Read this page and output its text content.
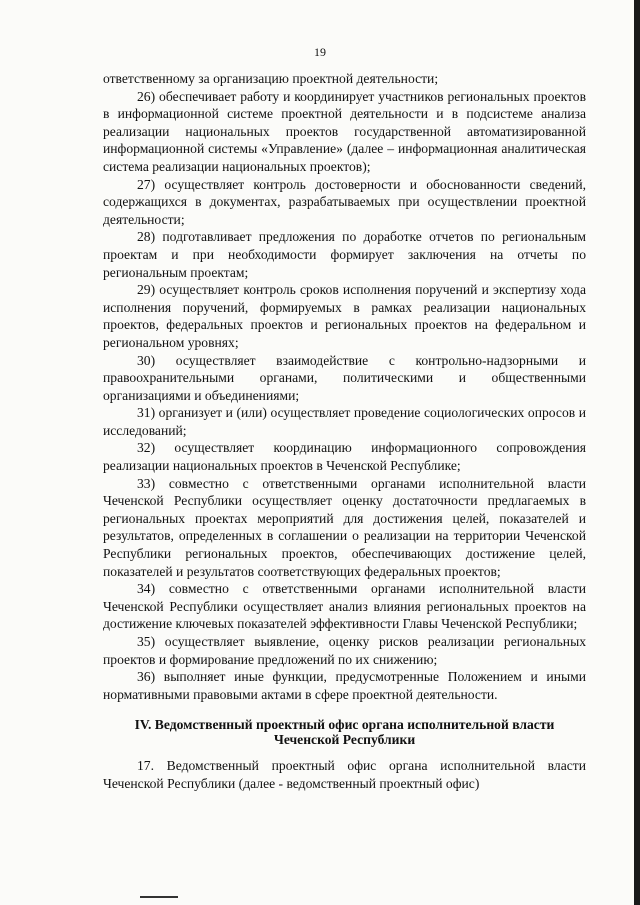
19

ответственному за организацию проектной деятельности;

26) обеспечивает работу и координирует участников региональных проектов в информационной системе проектной деятельности и в подсистеме анализа реализации национальных проектов государственной автоматизированной информационной системы «Управление» (далее – информационная аналитическая система реализации национальных проектов);

27) осуществляет контроль достоверности и обоснованности сведений, содержащихся в документах, разрабатываемых при осуществлении проектной деятельности;

28) подготавливает предложения по доработке отчетов по региональным проектам и при необходимости формирует заключения на отчеты по региональным проектам;

29) осуществляет контроль сроков исполнения поручений и экспертизу хода исполнения поручений, формируемых в рамках реализации национальных проектов, федеральных проектов и региональных проектов на федеральном и региональном уровнях;

30) осуществляет взаимодействие с контрольно-надзорными и правоохранительными органами, политическими и общественными организациями и объединениями;

31) организует и (или) осуществляет проведение социологических опросов и исследований;

32) осуществляет координацию информационного сопровождения реализации национальных проектов в Чеченской Республике;

33) совместно с ответственными органами исполнительной власти Чеченской Республики осуществляет оценку достаточности предлагаемых в региональных проектах мероприятий для достижения целей, показателей и результатов, определенных в соглашении о реализации на территории Чеченской Республики региональных проектов, обеспечивающих достижение целей, показателей и результатов соответствующих федеральных проектов;

34) совместно с ответственными органами исполнительной власти Чеченской Республики осуществляет анализ влияния региональных проектов на достижение ключевых показателей эффективности Главы Чеченской Республики;

35) осуществляет выявление, оценку рисков реализации региональных проектов и формирование предложений по их снижению;

36) выполняет иные функции, предусмотренные Положением и иными нормативными правовыми актами в сфере проектной деятельности.

IV. Ведомственный проектный офис органа исполнительной власти
Чеченской Республики

17. Ведомственный проектный офис органа исполнительной власти Чеченской Республики (далее - ведомственный проектный офис)
